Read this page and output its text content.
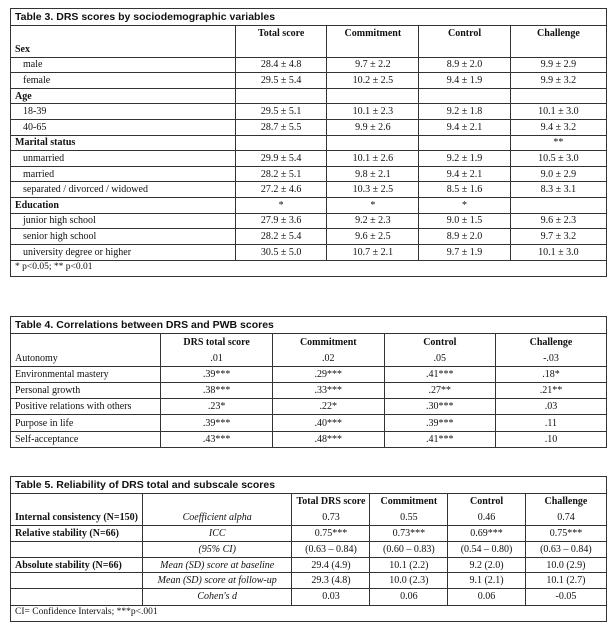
Table 3. DRS scores by sociodemographic variables
	Total score	Commitment	Control	Challenge
Sex				
male	28.4 ± 4.8	9.7 ± 2.2	8.9 ± 2.0	9.9 ± 2.9
female	29.5 ± 5.4	10.2 ± 2.5	9.4 ± 1.9	9.9 ± 3.2
Age				
18-39	29.5 ± 5.1	10.1 ± 2.3	9.2 ± 1.8	10.1 ± 3.0
40-65	28.7 ± 5.5	9.9 ± 2.6	9.4 ± 2.1	9.4 ± 3.2
Marital status				**
unmarried	29.9 ± 5.4	10.1 ± 2.6	9.2 ± 1.9	10.5 ± 3.0
married	28.2 ± 5.1	9.8 ± 2.1	9.4 ± 2.1	9.0 ± 2.9
separated / divorced / widowed	27.2 ± 4.6	10.3 ± 2.5	8.5 ± 1.6	8.3 ± 3.1
Education	*	*	*	
junior high school	27.9 ± 3.6	9.2 ± 2.3	9.0 ± 1.5	9.6 ± 2.3
senior high school	28.2 ± 5.4	9.6 ± 2.5	8.9 ± 2.0	9.7 ± 3.2
university degree or higher	30.5 ± 5.0	10.7 ± 2.1	9.7 ± 1.9	10.1 ± 3.0
* p<0.05; ** p<0.01
Table 4. Correlations between DRS and PWB scores
	DRS total score	Commitment	Control	Challenge
Autonomy	.01	.02	.05	-.03
Environmental mastery	.39***	.29***	.41***	.18*
Personal growth	.38***	.33***	.27**	.21**
Positive relations with others	.23*	.22*	.30***	.03
Purpose in life	.39***	.40***	.39***	.11
Self-acceptance	.43***	.48***	.41***	.10
Table 5. Reliability of DRS total and subscale scores
		Total DRS score	Commitment	Control	Challenge
Internal consistency (N=150)	Coefficient alpha	0.73	0.55	0.46	0.74
Relative stability (N=66)	ICC	0.75***	0.73***	0.69***	0.75***
	(95% CI)	(0.63 – 0.84)	(0.60 – 0.83)	(0.54 – 0.80)	(0.63 – 0.84)
Absolute stability (N=66)	Mean (SD) score at baseline	29.4 (4.9)	10.1 (2.2)	9.2 (2.0)	10.0 (2.9)
	Mean (SD) score at follow-up	29.3 (4.8)	10.0 (2.3)	9.1 (2.1)	10.1 (2.7)
	Cohen's d	0.03	0.06	0.06	-0.05
CI= Confidence Intervals; ***p<.001
